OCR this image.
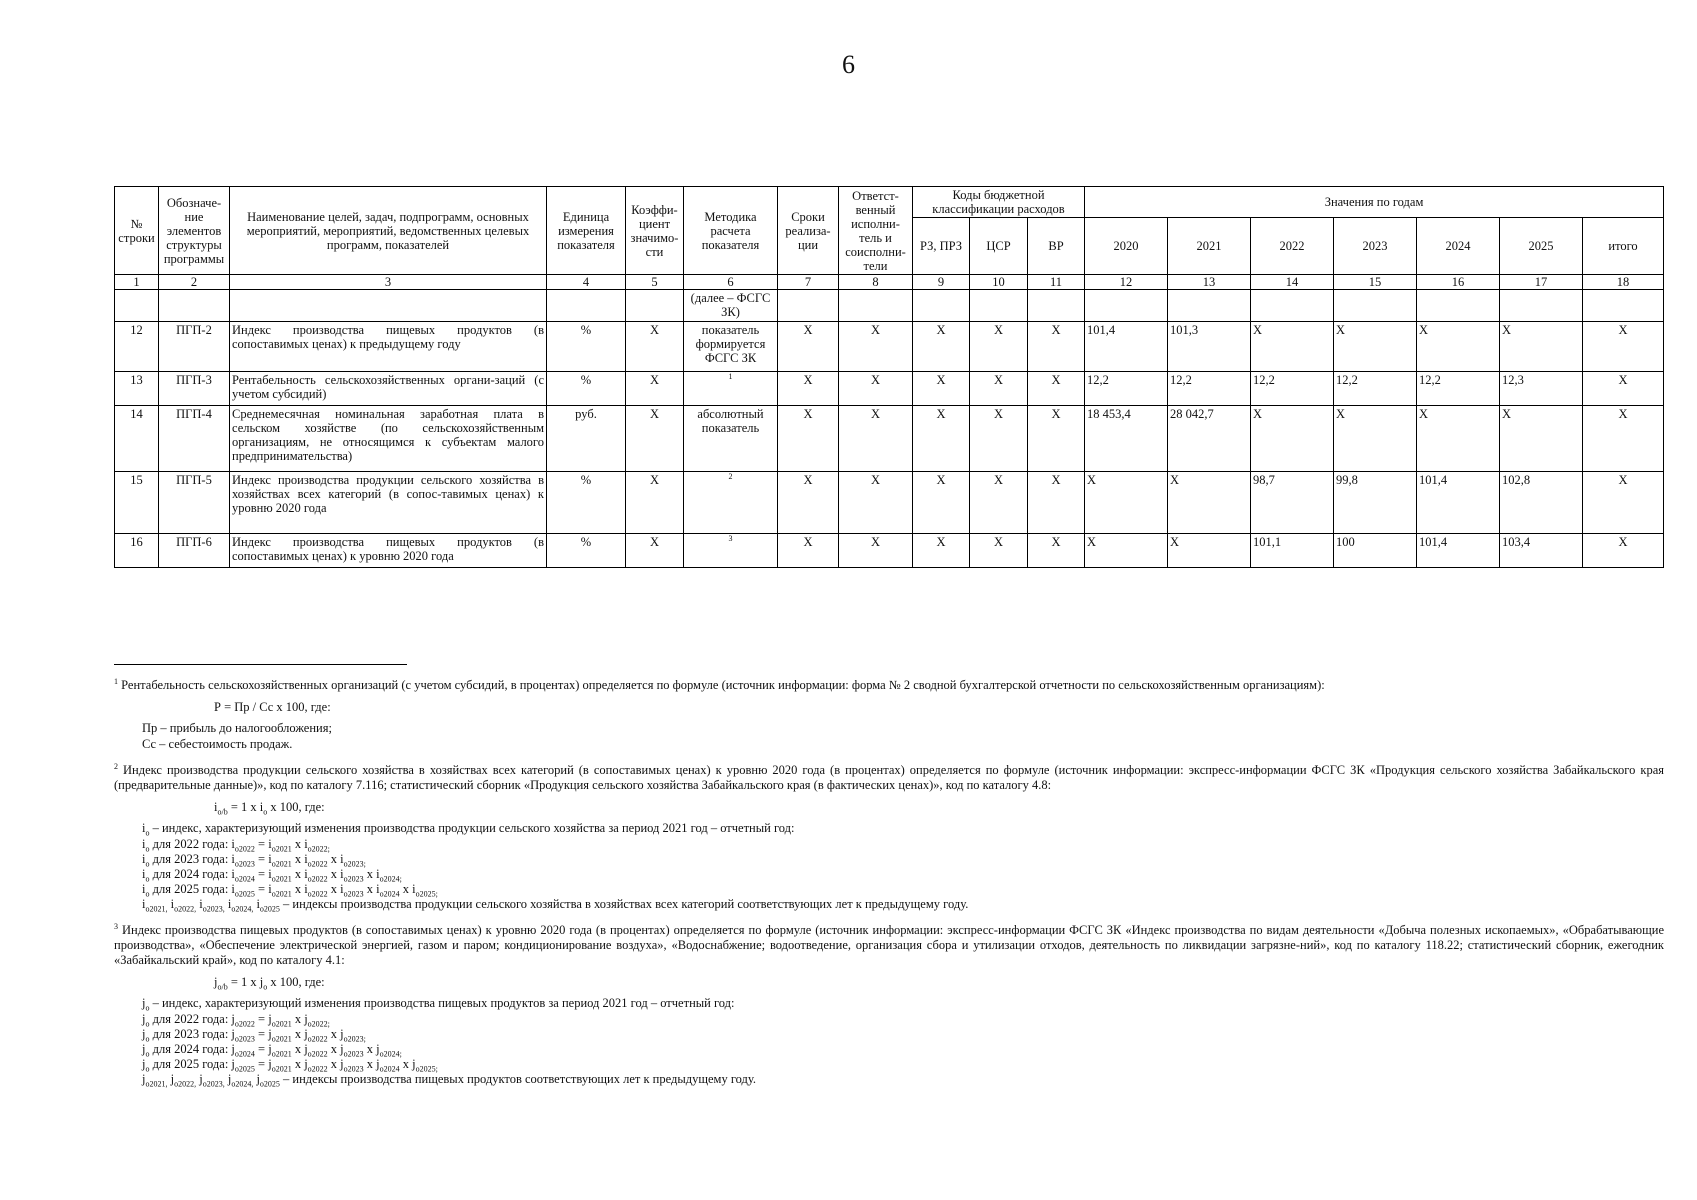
6
№ строки	Обозначе-ние элементов структуры программы	Наименование целей, задач, подпрограмм, основных мероприятий, мероприятий, ведомственных целевых программ, показателей	Единица измерения показателя	Коэффи-циент значимо-сти	Методика расчета показателя	Сроки реализа-ции	Ответст-венный исполни-тель и соисполни-тели	Коды бюджетной классификации расходов			Значения по годам						
								РЗ, ПРЗ	ЦСР	ВР	2020	2021	2022	2023	2024	2025	итого
1	2	3	4	5	6	7	8	9	10	11	12	13	14	15	16	17	18
					(далее – ФСГС ЗК)												
12	ПГП-2	Индекс производства пищевых продуктов (в сопоставимых ценах) к предыдущему году	%	X	показатель формируется ФСГС ЗК	X	X	X	X	X	101,4	101,3	X	X	X	X	X
13	ПГП-3	Рентабельность сельскохозяйственных органи-заций (с учетом субсидий)	%	X	$^1$	X	X	X	X	X	12,2	12,2	12,2	12,2	12,2	12,3	X
14	ПГП-4	Среднемесячная номинальная заработная плата в сельском хозяйстве (по сельскохозяйственным организациям, не относящимся к субъектам малого предпринимательства)	руб.	X	абсолютный показатель	X	X	X	X	X	18 453,4	28 042,7	X	X	X	X	X
15	ПГП-5	Индекс производства продукции сельского хозяйства в хозяйствах всех категорий (в сопос-тавимых ценах) к уровню 2020 года	%	X	$^2$	X	X	X	X	X	X	X	98,7	99,8	101,4	102,8	X
16	ПГП-6	Индекс производства пищевых продуктов (в сопоставимых ценах) к уровню 2020 года	%	X	$^3$	X	X	X	X	X	X	X	101,1	100	101,4	103,4	X

$^1$ Рентабельность сельскохозяйственных организаций (с учетом субсидий, в процентах) определяется по формуле (источник информации: форма № 2 сводной бухгалтерской отчетности по сельскохозяйственным организациям):

Р = Пр / Сс х 100, где:

Пр – прибыль до налогообложения;

Сс – себестоимость продаж.

$^2$ Индекс производства продукции сельского хозяйства в хозяйствах всех категорий (в сопоставимых ценах) к уровню 2020 года (в процентах) определяется по формуле (источник информации: экспресс-информации ФСГС ЗК «Продукция сельского хозяйства Забайкальского края (предварительные данные)», код по каталогу 7.116; статистический сборник «Продукция сельского хозяйства Забайкальского края (в фактических ценах)», код по каталогу 4.8:

$i_{о/b} = 1$ х $i_о$ х 100, где:

$i_о$ – индекс, характеризующий изменения производства продукции сельского хозяйства за период 2021 год – отчетный год:

$i_о$ для 2022 года: $i_{о2022} = i_{о2021}$ х $i_{о2022;}$

$i_о$ для 2023 года: $i_{о2023} = i_{о2021}$ х $i_{о2022}$ х $i_{о2023;}$

$i_о$ для 2024 года: $i_{о2024} = i_{о2021}$ х $i_{о2022}$ х $i_{о2023}$ х $i_{о2024;}$

$i_о$ для 2025 года: $i_{о2025} = i_{о2021}$ х $i_{о2022}$ х $i_{о2023}$ х $i_{о2024}$ х $i_{о2025;}$

$i_{о2021,}$ $i_{о2022,}$ $i_{о2023,}$ $i_{о2024,}$ $i_{о2025}$ – индексы производства продукции сельского хозяйства в хозяйствах всех категорий соответствующих лет к предыдущему году.

$^3$ Индекс производства пищевых продуктов (в сопоставимых ценах) к уровню 2020 года (в процентах) определяется по формуле (источник информации: экспресс-информации ФСГС ЗК «Индекс производства по видам деятельности «Добыча полезных ископаемых», «Обрабатывающие производства», «Обеспечение электрической энергией, газом и паром; кондиционирование воздуха», «Водоснабжение; водоотведение, организация сбора и утилизации отходов, деятельность по ликвидации загрязне-ний», код по каталогу 118.22; статистический сборник, ежегодник «Забайкальский край», код по каталогу 4.1:

$j_{о/b} = 1$ х $j_о$ х 100, где:

$j_о$ – индекс, характеризующий изменения производства пищевых продуктов за период 2021 год – отчетный год:

$j_о$ для 2022 года: $j_{о2022} = j_{о2021}$ х $j_{о2022;}$

$j_о$ для 2023 года: $j_{о2023} = j_{о2021}$ х $j_{о2022}$ х $j_{о2023;}$

$j_о$ для 2024 года: $j_{о2024} = j_{о2021}$ х $j_{о2022}$ х $j_{о2023}$ х $j_{о2024;}$

$j_о$ для 2025 года: $j_{о2025} = j_{о2021}$ х $j_{о2022}$ х $j_{о2023}$ х $j_{о2024}$ х $j_{о2025;}$

$j_{о2021,}$ $j_{о2022,}$ $j_{о2023,}$ $j_{о2024,}$ $j_{о2025}$ – индексы производства пищевых продуктов соответствующих лет к предыдущему году.
